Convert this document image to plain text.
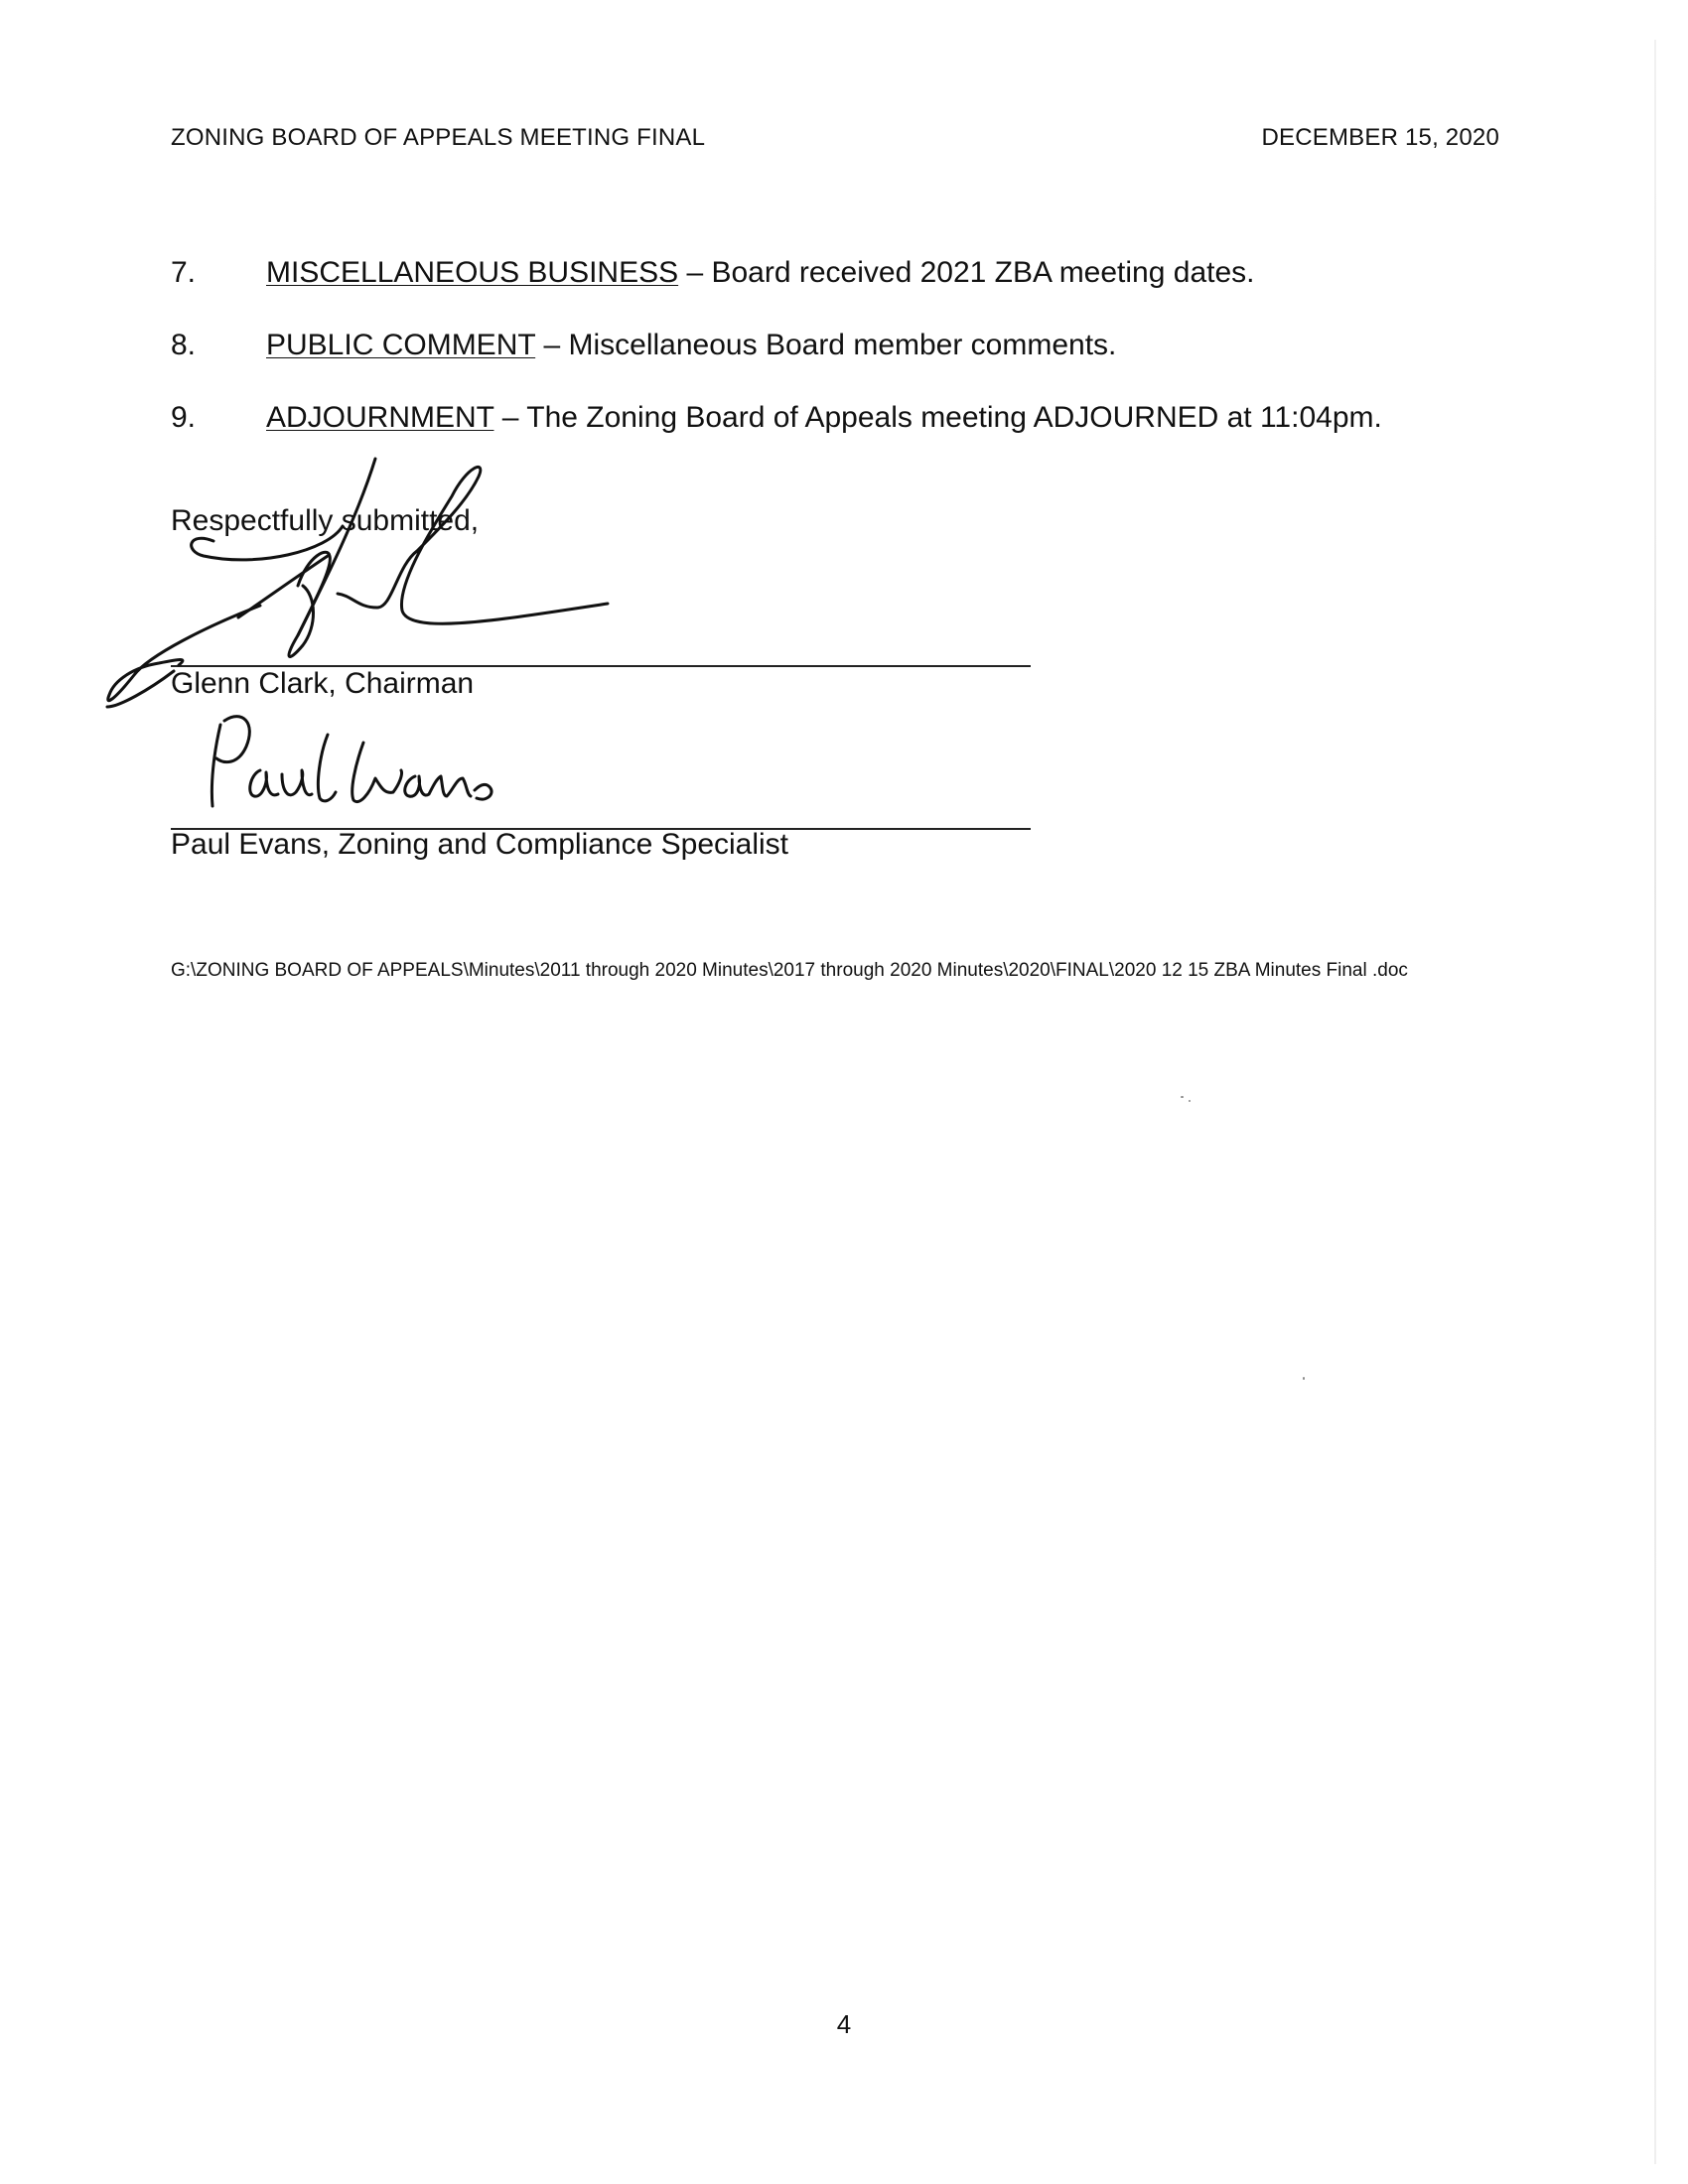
ZONING BOARD OF APPEALS MEETING FINAL	DECEMBER 15, 2020
7. MISCELLANEOUS BUSINESS – Board received 2021 ZBA meeting dates.
8. PUBLIC COMMENT – Miscellaneous Board member comments.
9. ADJOURNMENT – The Zoning Board of Appeals meeting ADJOURNED at 11:04pm.
Respectfully submitted,
Glenn Clark, Chairman
Paul Evans, Zoning and Compliance Specialist
G:\ZONING BOARD OF APPEALS\Minutes\2011 through 2020 Minutes\2017 through 2020 Minutes\2020\FINAL\2020 12 15 ZBA Minutes Final .doc
4
